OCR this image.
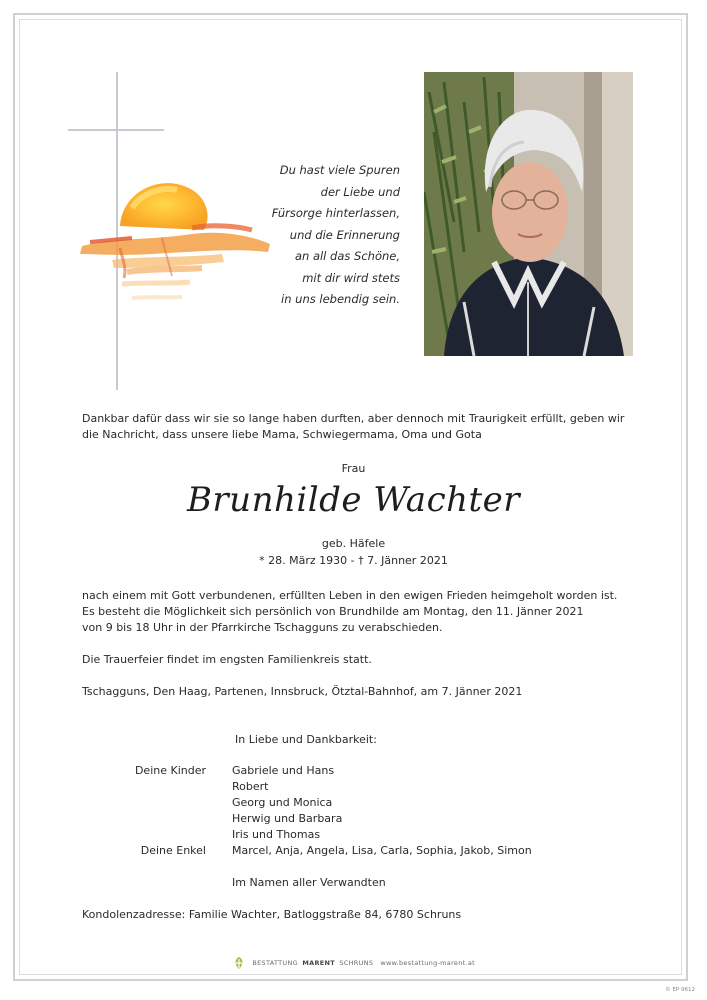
Du hast viele Spuren
der Liebe und
Fürsorge hinterlassen,
und die Erinnerung
an all das Schöne,
mit dir wird stets
in uns lebendig sein.
Dankbar dafür dass wir sie so lange haben durften, aber dennoch mit Traurigkeit erfüllt, geben wir
die Nachricht, dass unsere liebe Mama, Schwiegermama, Oma und Gota
Frau
Brunhilde Wachter
geb. Häfele
* 28. März 1930 - † 7. Jänner 2021
nach einem mit Gott verbundenen, erfüllten Leben in den ewigen Frieden heimgeholt worden ist.
Es besteht die Möglichkeit sich persönlich von Brundhilde am Montag, den 11. Jänner 2021
von 9 bis 18 Uhr in der Pfarrkirche Tschagguns zu verabschieden.
Die Trauerfeier findet im engsten Familienkreis statt.
Tschagguns, Den Haag, Partenen, Innsbruck, Ötztal-Bahnhof, am 7. Jänner 2021
In Liebe und Dankbarkeit:
Deine Kinder Gabriele und Hans
Robert
Georg und Monica
Herwig und Barbara
Iris und Thomas
Deine Enkel Marcel, Anja, Angela, Lisa, Carla, Sophia, Jakob, Simon
Im Namen aller Verwandten
Kondolenzadresse: Familie Wachter, Batloggstraße 84, 6780 Schruns
BESTATTUNG MARENT SCHRUNS www.bestattung-marent.at
© EP 9612
